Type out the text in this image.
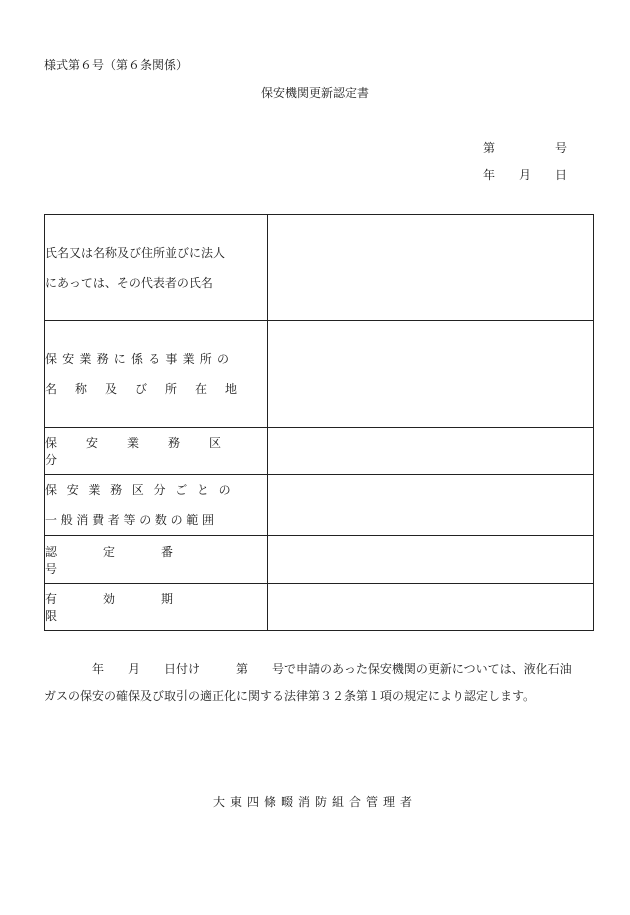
様式第６号（第６条関係）
保安機関更新認定書
第	号
年 月 日
氏名又は名称及び住所並びに法人
にあっては、その代表者の氏名	

保安業務に係る事業所の
名称及び所在地	

保安業務区分	

保安業務区分ごとの
一般消費者等の数の範囲	

認定番号	

有効期限	

　　　　年　　月　　日付け　　　第　　号で申請のあった保安機関の更新については、液化石油
ガスの保安の確保及び取引の適正化に関する法律第３２条第１項の規定により認定します。
大東四條畷消防組合管理者
